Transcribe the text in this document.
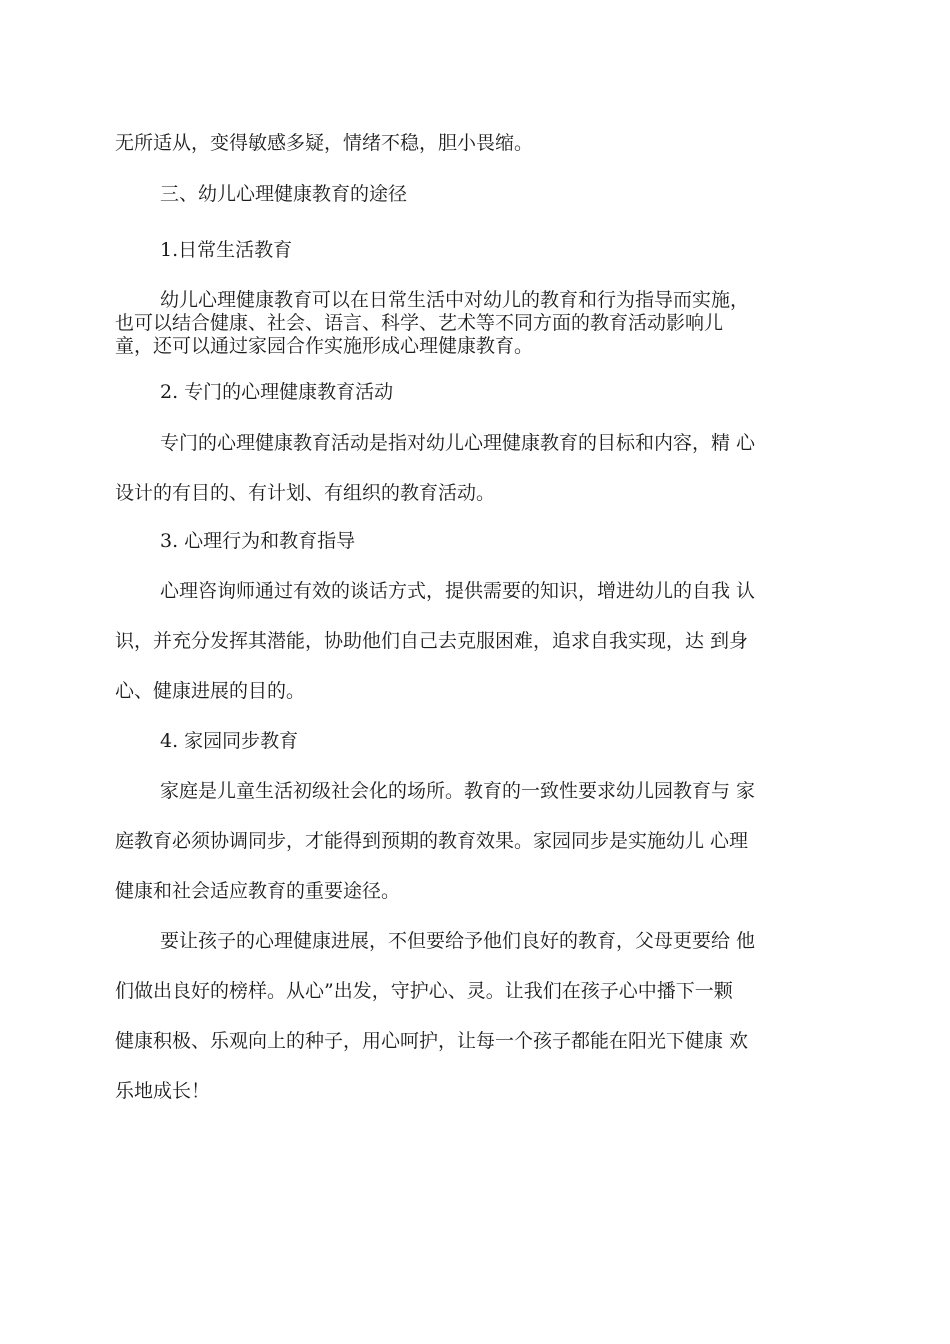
无所适从，变得敏感多疑，情绪不稳，胆小畏缩。
三、幼儿心理健康教育的途径
1.日常生活教育
幼儿心理健康教育可以在日常生活中对幼儿的教育和行为指导而实施，
也可以结合健康、社会、语言、科学、艺术等不同方面的教育活动影响儿
童，还可以通过家园合作实施形成心理健康教育。
2. 专门的心理健康教育活动
专门的心理健康教育活动是指对幼儿心理健康教育的目标和内容，精 心
设计的有目的、有计划、有组织的教育活动。
3. 心理行为和教育指导
心理咨询师通过有效的谈话方式，提供需要的知识，增进幼儿的自我 认
识，并充分发挥其潜能，协助他们自己去克服困难，追求自我实现，达 到身
心、健康进展的目的。
4. 家园同步教育
家庭是儿童生活初级社会化的场所。教育的一致性要求幼儿园教育与 家
庭教育必须协调同步，才能得到预期的教育效果。家园同步是实施幼儿 心理
健康和社会适应教育的重要途径。
要让孩子的心理健康进展，不但要给予他们良好的教育，父母更要给 他
们做出良好的榜样。从心”出发，守护心、灵。让我们在孩子心中播下一颗
健康积极、乐观向上的种子，用心呵护，让每一个孩子都能在阳光下健康 欢
乐地成长！
